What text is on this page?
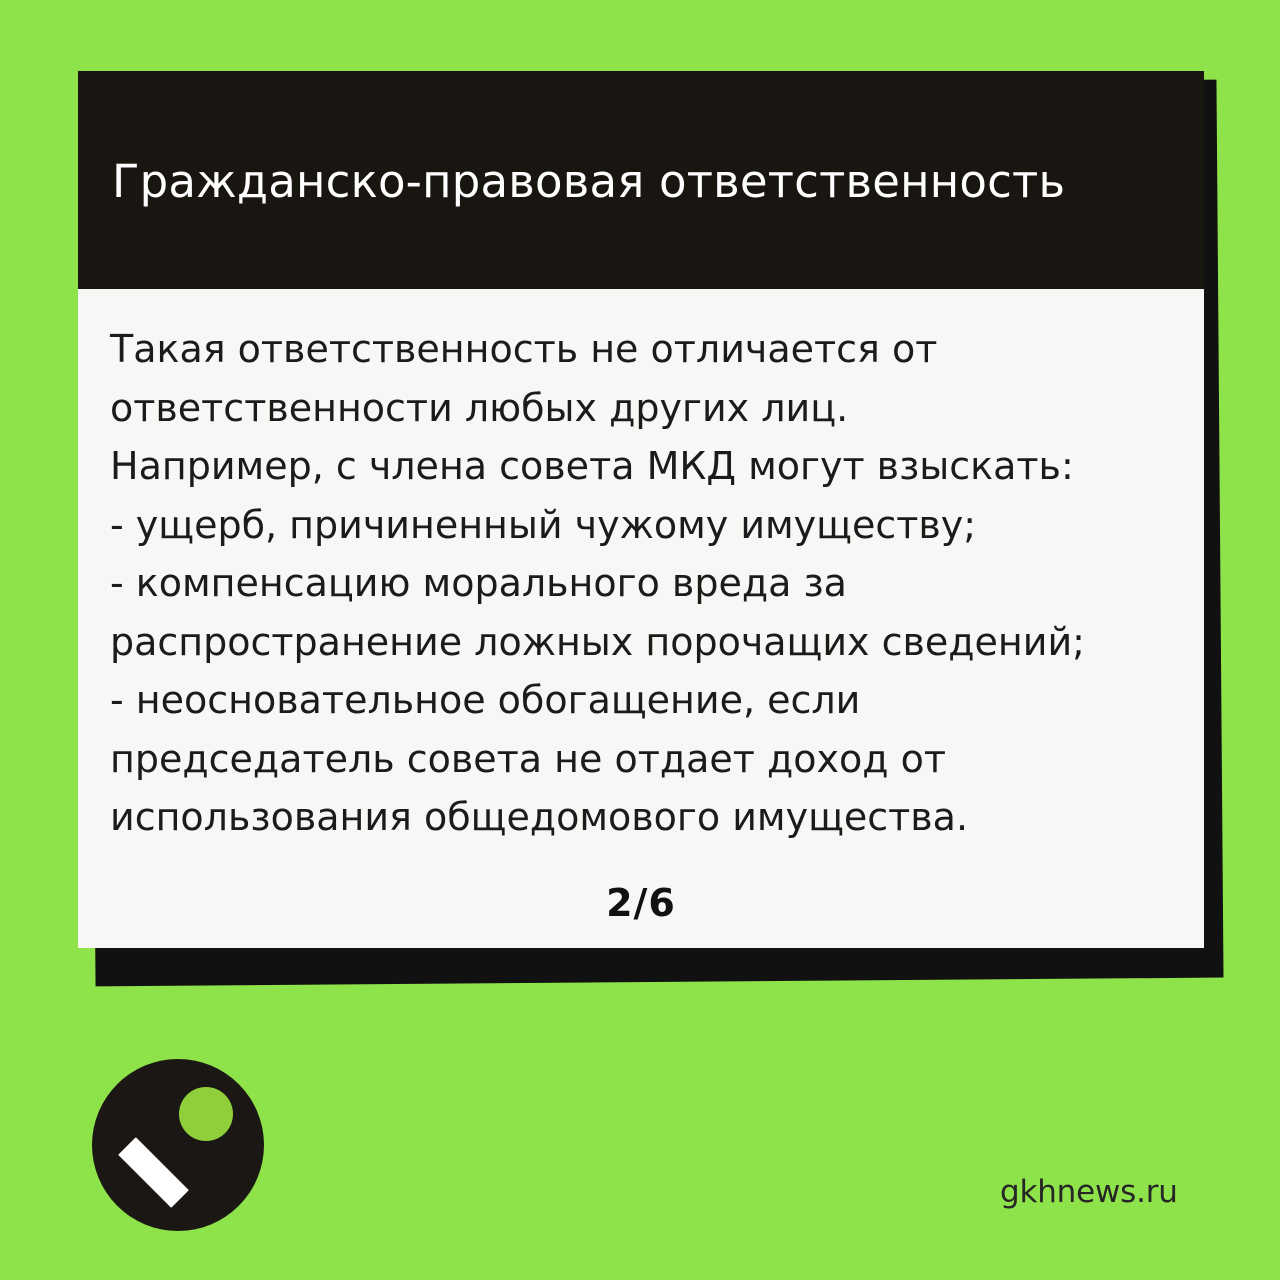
Гражданско-правовая ответственность
Такая ответственность не отличается от
ответственности любых других лиц.
Например, с члена совета МКД могут взыскать:
- ущерб, причиненный чужому имуществу;
- компенсацию морального вреда за
распространение ложных порочащих сведений;
- неосновательное обогащение, если
председатель совета не отдает доход от
использования общедомового имущества.
2/6
gkhnews.ru
